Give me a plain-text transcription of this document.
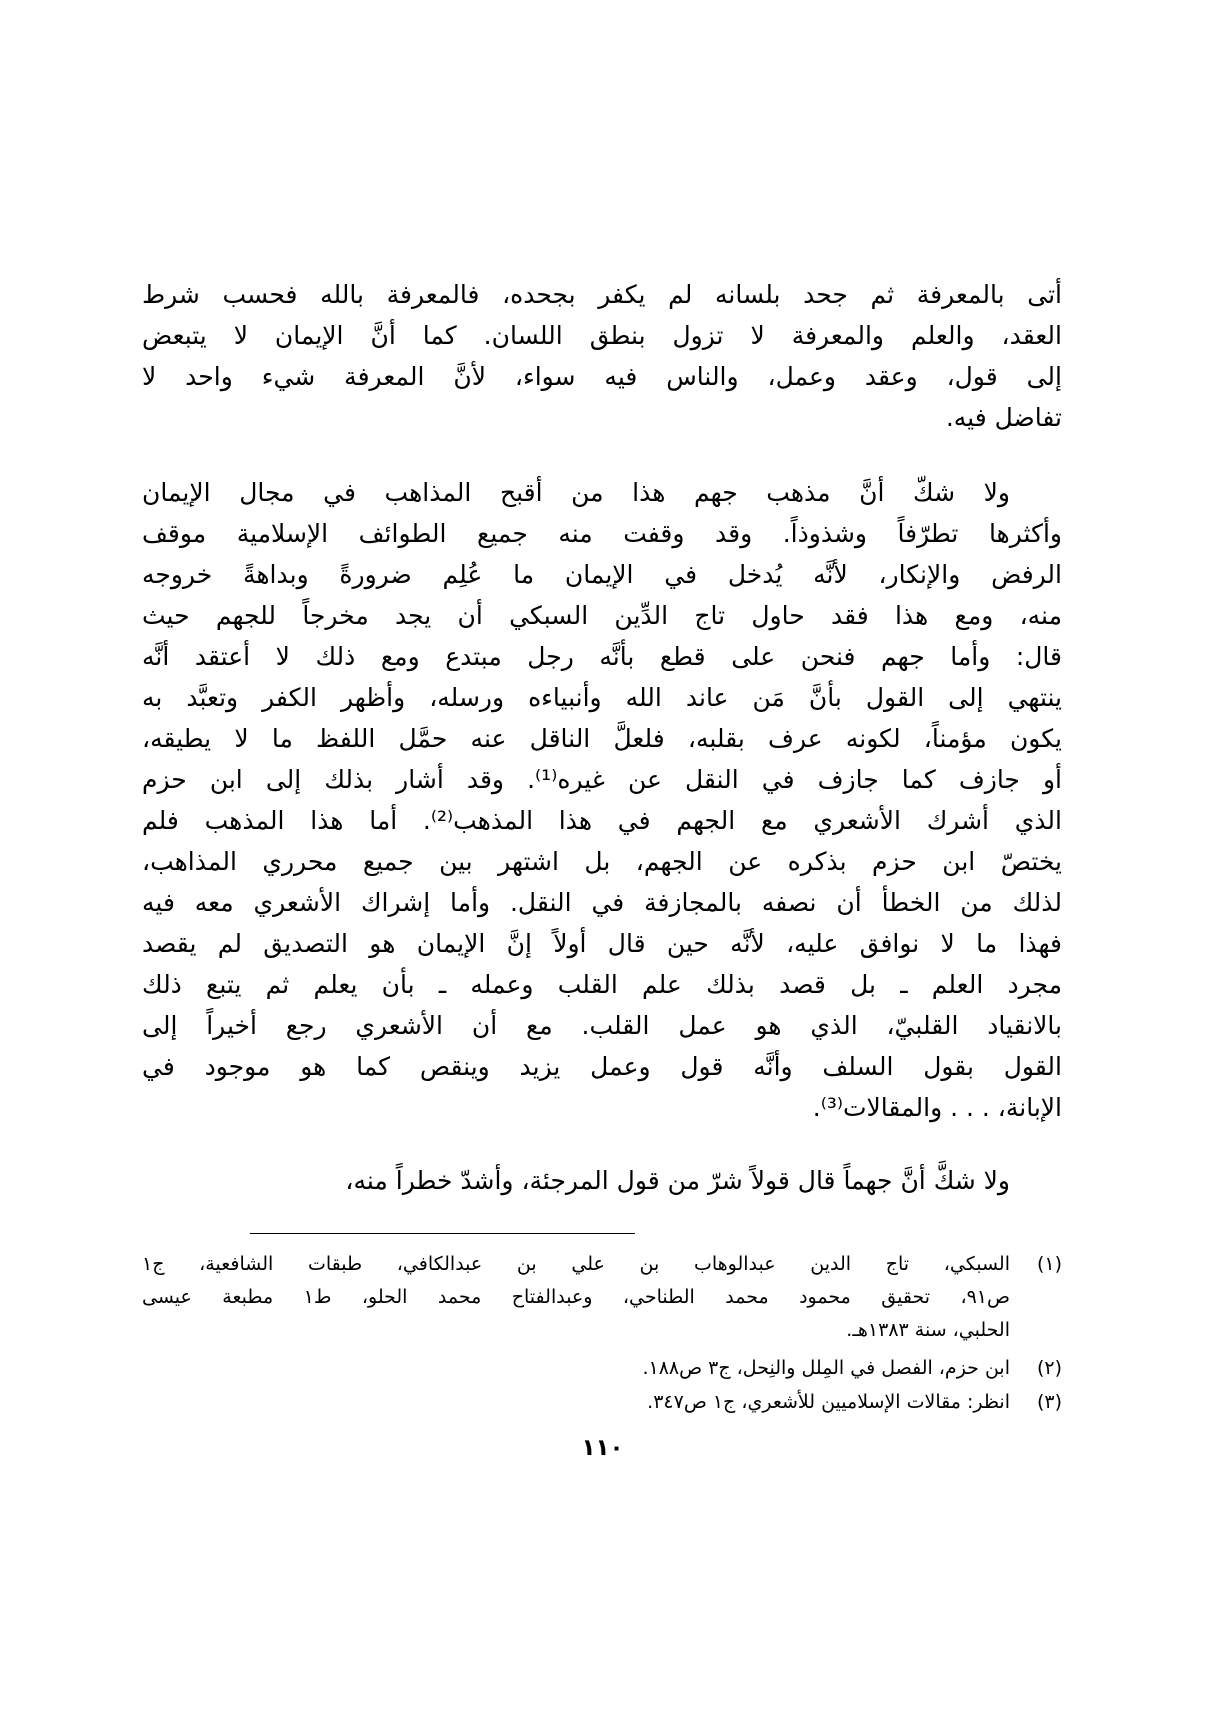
أتى بالمعرفة ثم جحد بلسانه لم يكفر بجحده، فالمعرفة بالله فحسب شرط
العقد، والعلم والمعرفة لا تزول بنطق اللسان. كما أنَّ الإيمان لا يتبعض
إلى قول، وعقد وعمل، والناس فيه سواء، لأنَّ المعرفة شيء واحد لا
تفاضل فيه.
ولا شكّ أنَّ مذهب جهم هذا من أقبح المذاهب في مجال الإيمان
وأكثرها تطرّفاً وشذوذاً. وقد وقفت منه جميع الطوائف الإسلامية موقف
الرفض والإنكار، لأنَّه يُدخل في الإيمان ما عُلِم ضرورةً وبداهةً خروجه
منه، ومع هذا فقد حاول تاج الدِّين السبكي أن يجد مخرجاً للجهم حيث
قال: وأما جهم فنحن على قطع بأنَّه رجل مبتدع ومع ذلك لا أعتقد أنَّه
ينتهي إلى القول بأنَّ مَن عاند الله وأنبياءه ورسله، وأظهر الكفر وتعبَّد به
يكون مؤمناً، لكونه عرف بقلبه، فلعلَّ الناقل عنه حمَّل اللفظ ما لا يطيقه،
أو جازف كما جازف في النقل عن غيره⁽¹⁾. وقد أشار بذلك إلى ابن حزم
الذي أشرك الأشعري مع الجهم في هذا المذهب⁽²⁾. أما هذا المذهب فلم
يختصّ ابن حزم بذكره عن الجهم، بل اشتهر بين جميع محرري المذاهب،
لذلك من الخطأ أن نصفه بالمجازفة في النقل. وأما إشراك الأشعري معه فيه
فهذا ما لا نوافق عليه، لأنَّه حين قال أولاً إنَّ الإيمان هو التصديق لم يقصد
مجرد العلم ـ بل قصد بذلك علم القلب وعمله ـ بأن يعلم ثم يتبع ذلك
بالانقياد القلبيّ، الذي هو عمل القلب. مع أن الأشعري رجع أخيراً إلى
القول بقول السلف وأنَّه قول وعمل يزيد وينقص كما هو موجود في
الإبانة، . . . والمقالات⁽³⁾.
ولا شكَّ أنَّ جهماً قال قولاً شرّ من قول المرجئة، وأشدّ خطراً منه،
(١)
السبكي، تاج الدين عبدالوهاب بن علي بن عبدالكافي، طبقات الشافعية، ج١
ص٩١، تحقيق محمود محمد الطناحي، وعبدالفتاح محمد الحلو، ط١ مطبعة عيسى
الحلبي، سنة ١٣٨٣هـ.
(٢)
ابن حزم، الفصل في المِلل والنِحل، ج٣ ص١٨٨.
(٣)
انظر: مقالات الإسلاميين للأشعري، ج١ ص٣٤٧.
١١٠
